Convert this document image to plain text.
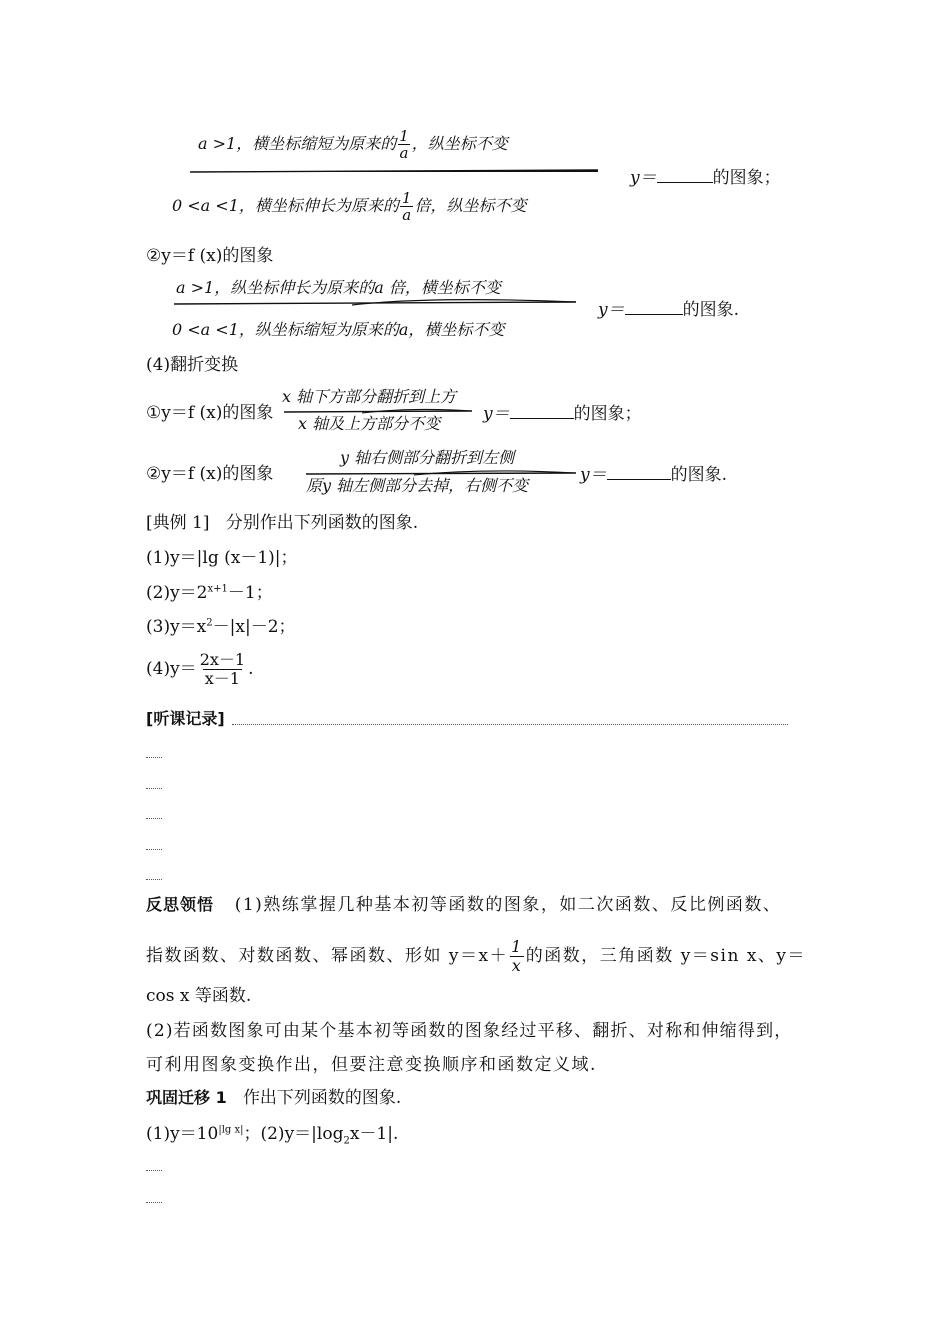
a >1，横坐标缩短为原来的 $\frac{1}{a}$ ，纵坐标不变
0 <a <1，横坐标伸长为原来的 $\frac{1}{a}$ 倍，纵坐标不变
y＝	的图象；
②y＝f (x)的图象
a >1，纵坐标伸长为原来的a 倍，横坐标不变
0 <a <1，纵坐标缩短为原来的a，横坐标不变
y＝	的图象.
(4)翻折变换
①y＝f (x)的图象
x 轴下方部分翻折到上方
x 轴及上方部分不变	y＝	的图象；
②y＝f (x)的图象
y 轴右侧部分翻折到左侧
原y 轴左侧部分去掉，右侧不变
y＝	的图象.
[典例 1] 分别作出下列函数的图象.
(1)y＝|lg (x－1)|；
$(2)y=2^{x+1}-1$；
$(3)y=x^2-|x|-2$；
$(4)y= \frac{2x-1}{x-1}$ .
[听课记录]
反思领悟 (1)熟练掌握几种基本初等函数的图象，如二次函数、反比例函数、
指数函数、对数函数、幂函数、形如 $y=x+ \frac{1}{x}$ 的函数，三角函数 y＝sin x、y＝
cos x 等函数.
(2)若函数图象可由某个基本初等函数的图象经过平移、翻折、对称和伸缩得到，
可利用图象变换作出，但要注意变换顺序和函数定义域.
巩固迁移 1 作出下列函数的图象.
$(1)y=10^{|lg x|}$；$(2)y=|\log_2x-1|$.
